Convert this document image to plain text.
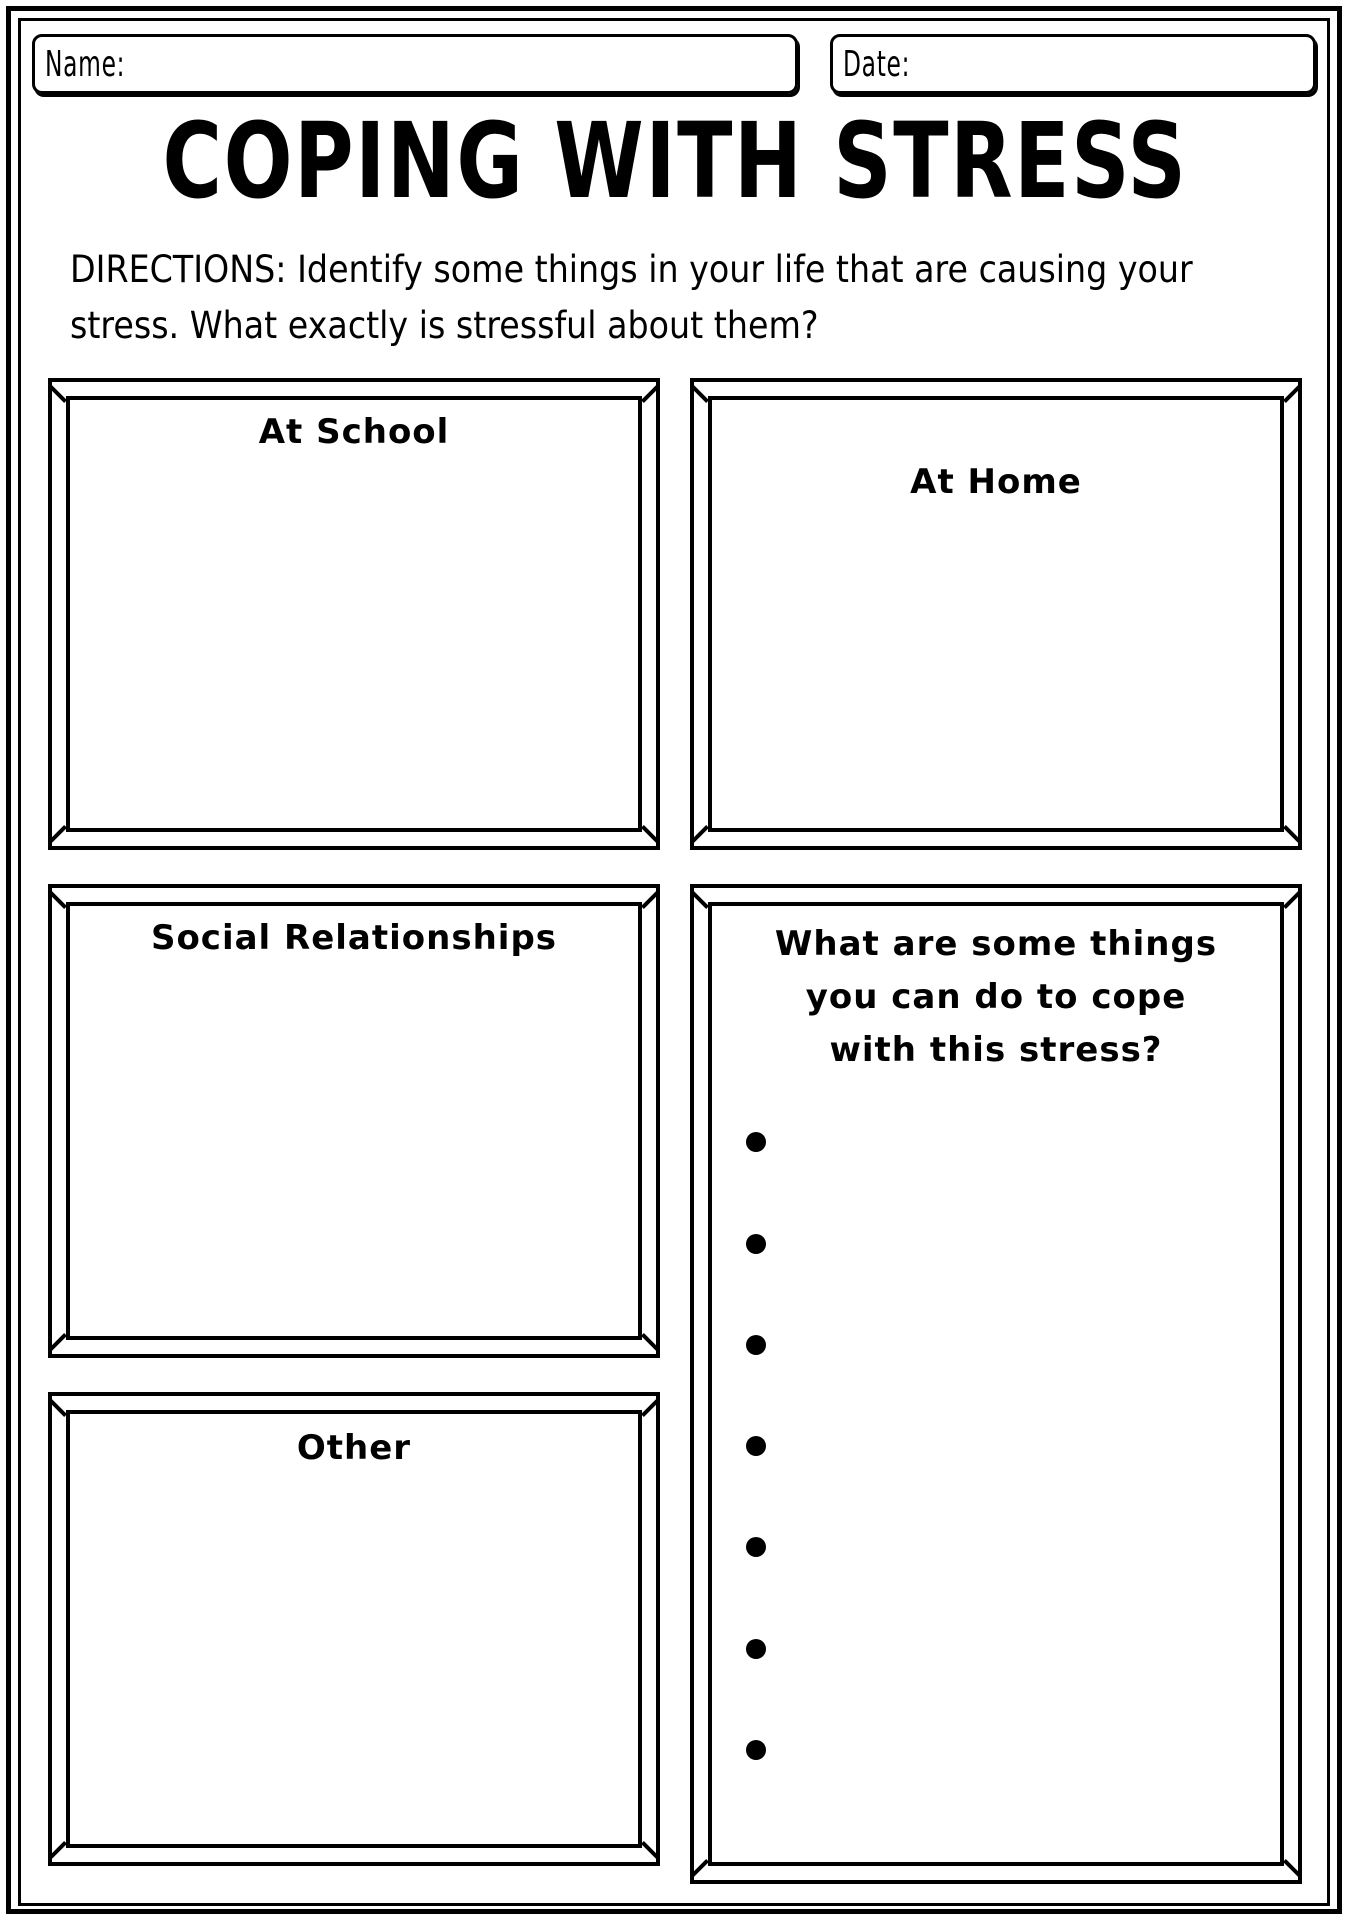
Name:	Date:
COPING WITH STRESS
DIRECTIONS: Identify some things in your life that are causing your
stress. What exactly is stressful about them?
At School
At Home
Social Relationships
Other
What are some things
you can do to cope
with this stress?
